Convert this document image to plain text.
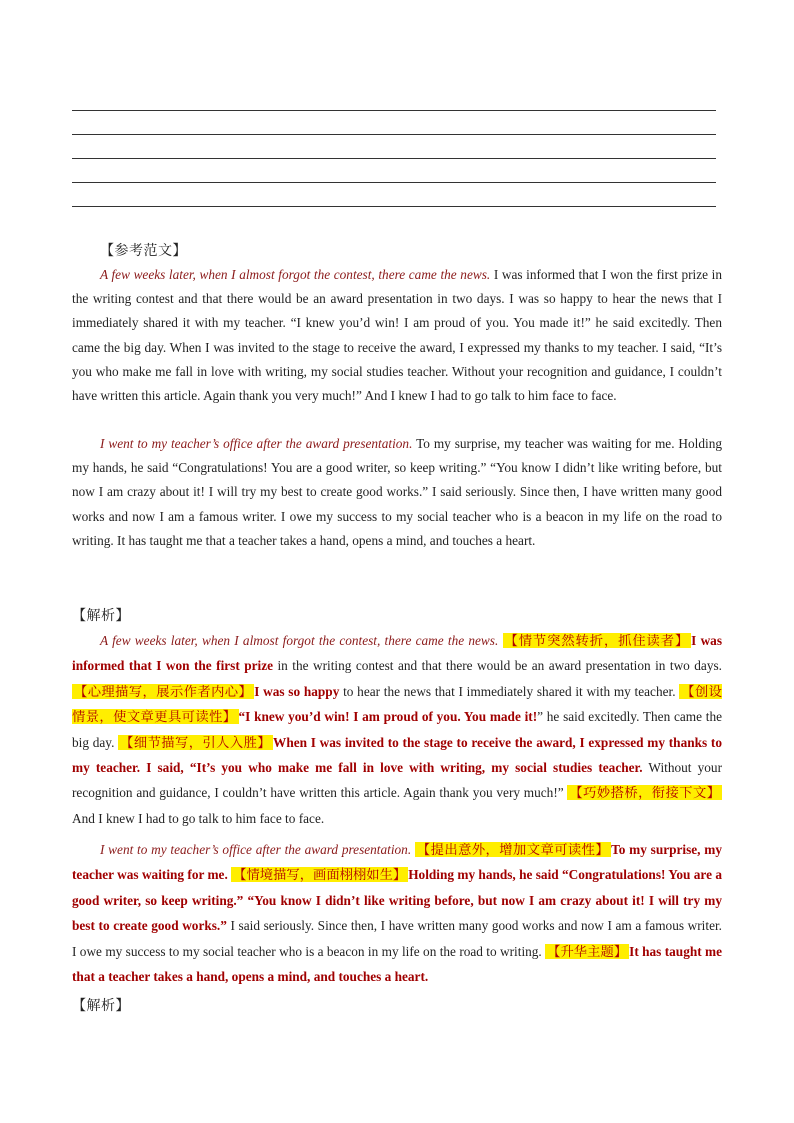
【参考范文】

A few weeks later, when I almost forgot the contest, there came the news. I was informed that I won the first prize in the writing contest and that there would be an award presentation in two days. I was so happy to hear the news that I immediately shared it with my teacher. “I knew you’d win! I am proud of you. You made it!” he said excitedly. Then came the big day. When I was invited to the stage to receive the award, I expressed my thanks to my teacher. I said, “It’s you who make me fall in love with writing, my social studies teacher. Without your recognition and guidance, I couldn’t have written this article. Again thank you very much!” And I knew I had to go talk to him face to face.

I went to my teacher’s office after the award presentation. To my surprise, my teacher was waiting for me. Holding my hands, he said “Congratulations! You are a good writer, so keep writing.” “You know I didn’t like writing before, but now I am crazy about it! I will try my best to create good works.” I said seriously. Since then, I have written many good works and now I am a famous writer. I owe my success to my social teacher who is a beacon in my life on the road to writing. It has taught me that a teacher takes a hand, opens a mind, and touches a heart.

【解析】

A few weeks later, when I almost forgot the contest, there came the news. 【情节突然转折，抓住读者】 I was informed that I won the first prize in the writing contest and that there would be an award presentation in two days. 【心理描写，展示作者内心】 I was so happy to hear the news that I immediately shared it with my teacher. 【创设情景，使文章更具可读性】 “I knew you’d win! I am proud of you. You made it!” he said excitedly. Then came the big day. 【细节描写，引人入胜】 When I was invited to the stage to receive the award, I expressed my thanks to my teacher. I said, “It’s you who make me fall in love with writing, my social studies teacher. Without your recognition and guidance, I couldn’t have written this article. Again thank you very much!” 【巧妙搭桥，衔接下文】And I knew I had to go talk to him face to face.

I went to my teacher’s office after the award presentation. 【提出意外，增加文章可读性】 To my surprise, my teacher was waiting for me. 【情境描写，画面栩栩如生】 Holding my hands, he said “Congratulations! You are a good writer, so keep writing.” “You know I didn’t like writing before, but now I am crazy about it! I will try my best to create good works.” I said seriously. Since then, I have written many good works and now I am a famous writer. I owe my success to my social teacher who is a beacon in my life on the road to writing. 【升华主题】 It has taught me that a teacher takes a hand, opens a mind, and touches a heart.

【解析】
